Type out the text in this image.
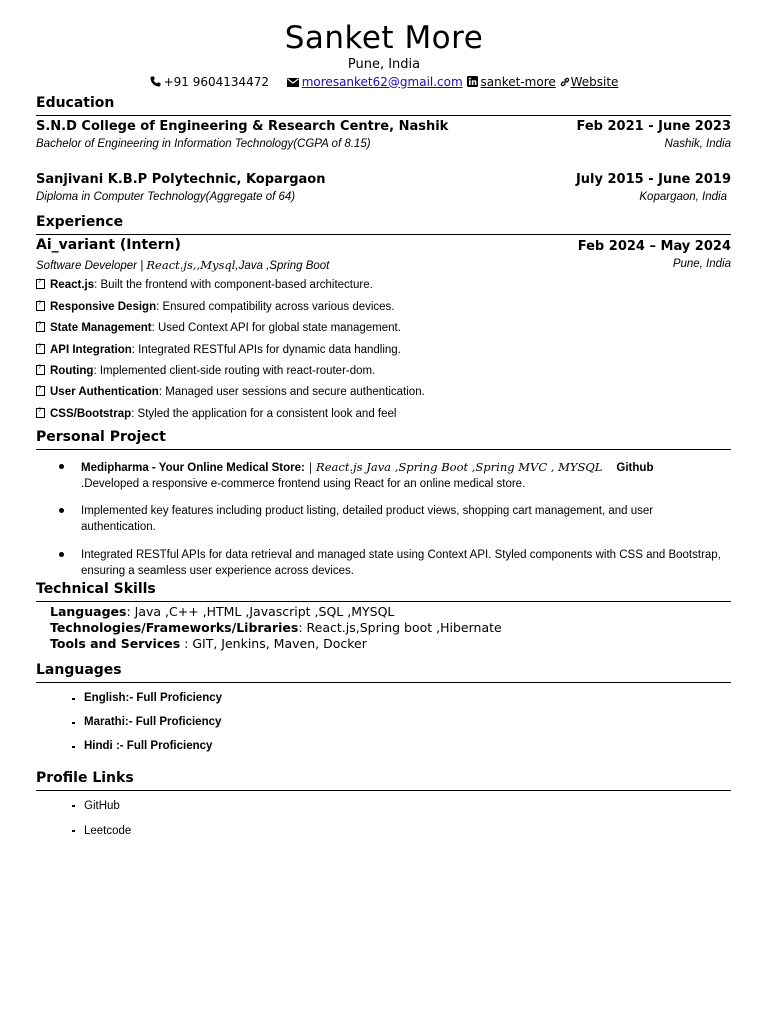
Sanket More
Pune, India
+91 9604134472	moresanket62@gmail.com sanket-more Website
Education
S.N.D College of Engineering & Research Centre, Nashik	Feb 2021 - June 2023
Bachelor of Engineering in Information Technology(CGPA of 8.15)	Nashik, India
Sanjivani K.B.P Polytechnic, Kopargaon	July 2015 - June 2019
Diploma in Computer Technology(Aggregate of 64)	Kopargaon, India
Experience
Ai_variant (Intern)	Feb 2024 – May 2024
Software Developer | React.js,,Mysql,Java ,Spring Boot	Pune, India
?React.js: Built the frontend with component-based architecture.
?Responsive Design: Ensured compatibility across various devices.
?State Management: Used Context API for global state management.
?API Integration: Integrated RESTful APIs for dynamic data handling.
?Routing: Implemented client-side routing with react-router-dom.
?User Authentication: Managed user sessions and secure authentication.
?CSS/Bootstrap: Styled the application for a consistent look and feel
Personal Project
Medipharma - Your Online Medical Store: | React.js Java ,Spring Boot ,Spring MVC , MYSQL Github
.Developed a responsive e-commerce frontend using React for an online medical store.
Implemented key features including product listing, detailed product views, shopping cart management, and user authentication.
Integrated RESTful APIs for data retrieval and managed state using Context API. Styled components with CSS and Bootstrap, ensuring a seamless user experience across devices.
Technical Skills
Languages: Java ,C++ ,HTML ,Javascript ,SQL ,MYSQL
Technologies/Frameworks/Libraries: React.js,Spring boot ,Hibernate
Tools and Services : GIT, Jenkins, Maven, Docker
Languages
English:- Full Proficiency
Marathi:- Full Proficiency
Hindi :- Full Proficiency
Profile Links
GitHub
Leetcode
